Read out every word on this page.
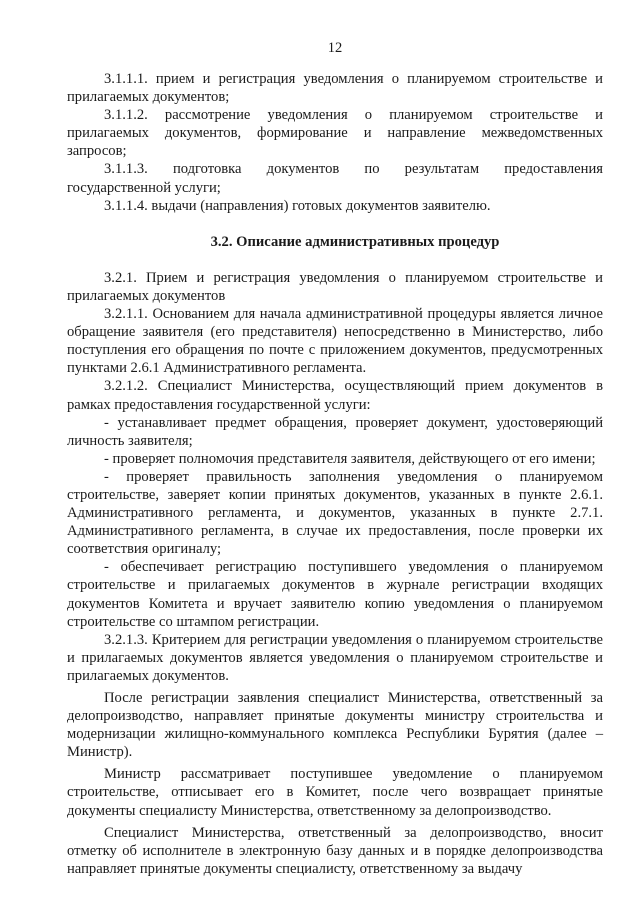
12

3.1.1.1. прием и регистрация уведомления о планируемом строительстве и прилагаемых документов;

3.1.1.2. рассмотрение уведомления о планируемом строительстве и прилагаемых документов, формирование и направление межведомственных запросов;

3.1.1.3. подготовка документов по результатам предоставления государственной услуги;

3.1.1.4. выдачи (направления) готовых документов заявителю.

3.2. Описание административных процедур

3.2.1. Прием и регистрация уведомления о планируемом строительстве и прилагаемых документов

3.2.1.1. Основанием для начала административной процедуры является личное обращение заявителя (его представителя) непосредственно в Министерство, либо поступления его обращения по почте с приложением документов, предусмотренных пунктами 2.6.1 Административного регламента.

3.2.1.2. Специалист Министерства, осуществляющий прием документов в рамках предоставления государственной услуги:

- устанавливает предмет обращения, проверяет документ, удостоверяющий личность заявителя;

- проверяет полномочия представителя заявителя, действующего от его имени;

- проверяет правильность заполнения уведомления о планируемом строительстве, заверяет копии принятых документов, указанных в пункте 2.6.1. Административного регламента, и документов, указанных в пункте 2.7.1. Административного регламента, в случае их предоставления, после проверки их соответствия оригиналу;

- обеспечивает регистрацию поступившего уведомления о планируемом строительстве и прилагаемых документов в журнале регистрации входящих документов Комитета и вручает заявителю копию уведомления о планируемом строительстве со штампом регистрации.

3.2.1.3. Критерием для регистрации уведомления о планируемом строительстве и прилагаемых документов является уведомления о планируемом строительстве и прилагаемых документов.

После регистрации заявления специалист Министерства, ответственный за делопроизводство, направляет принятые документы министру строительства и модернизации жилищно-коммунального комплекса Республики Бурятия (далее – Министр).

Министр рассматривает поступившее уведомление о планируемом строительстве, отписывает его в Комитет, после чего возвращает принятые документы специалисту Министерства, ответственному за делопроизводство.

Специалист Министерства, ответственный за делопроизводство, вносит отметку об исполнителе в электронную базу данных и в порядке делопроизводства направляет принятые документы специалисту, ответственному за выдачу
